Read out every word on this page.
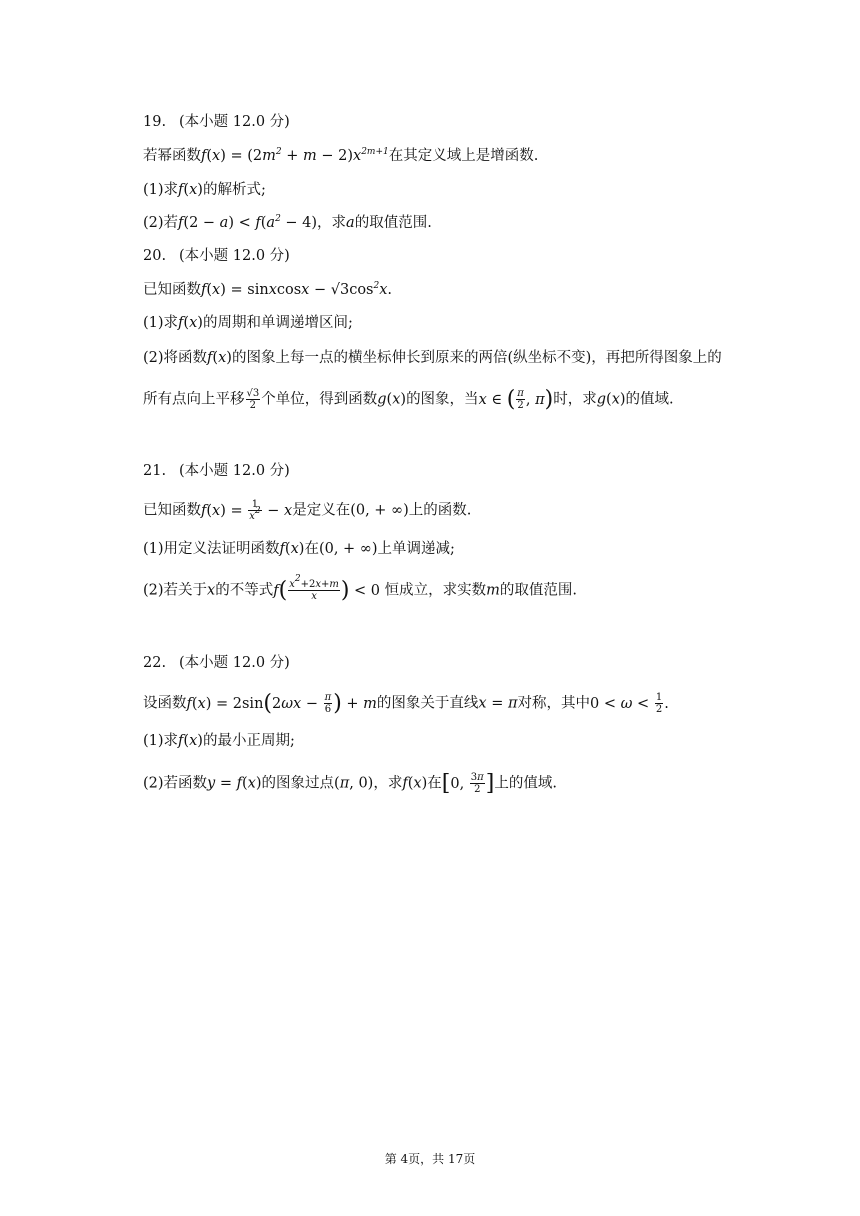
19. (本小题 12.0 分)
若幂函数$f(x) = (2m^2 + m - 2)x^{2m+1}$在其定义域上是增函数.
(1)求f(x)的解析式;
(2)若$f(2 - a) < f(a^2 - 4)$，求a的取值范围.
20. (本小题 12.0 分)
已知函数f(x) = sinxcosx − $√3\cos^2x$.
(1)求f(x)的周期和单调递增区间;
(2)将函数f(x)的图象上每一点的横坐标伸长到原来的两倍(纵坐标不变)，再把所得图象上的
所有点向上平移 $\frac{√3}{2}$ 个单位，得到函数g(x)的图象，当x ∈ ( $\frac{\pi}{2}$ , π)时，求g(x)的值域.
21. (本小题 12.0 分)
已知函数$f(x) = \frac{1}{x^2} - x$是定义在(0, + ∞)上的函数.
(1)用定义法证明函数f(x)在(0, + ∞)上单调递减;
(2)若关于x的不等式$f( \frac{x^2+2x+m}{x}$ ) < 0 恒成立，求实数m的取值范围.
22. (本小题 12.0 分)
设函数$f(x) = 2\sin(2\omega x - \frac{\pi}{6}$ ) + m的图象关于直线x = π对称，其中$0 < \omega < \frac{1}{2}$ .
(1)求f(x)的最小正周期;
(2)若函数y = f(x)的图象过点(π, 0)，求f(x)在[0, $\frac{3\pi}{2}$ ]上的值域.
第 4页，共 17页
